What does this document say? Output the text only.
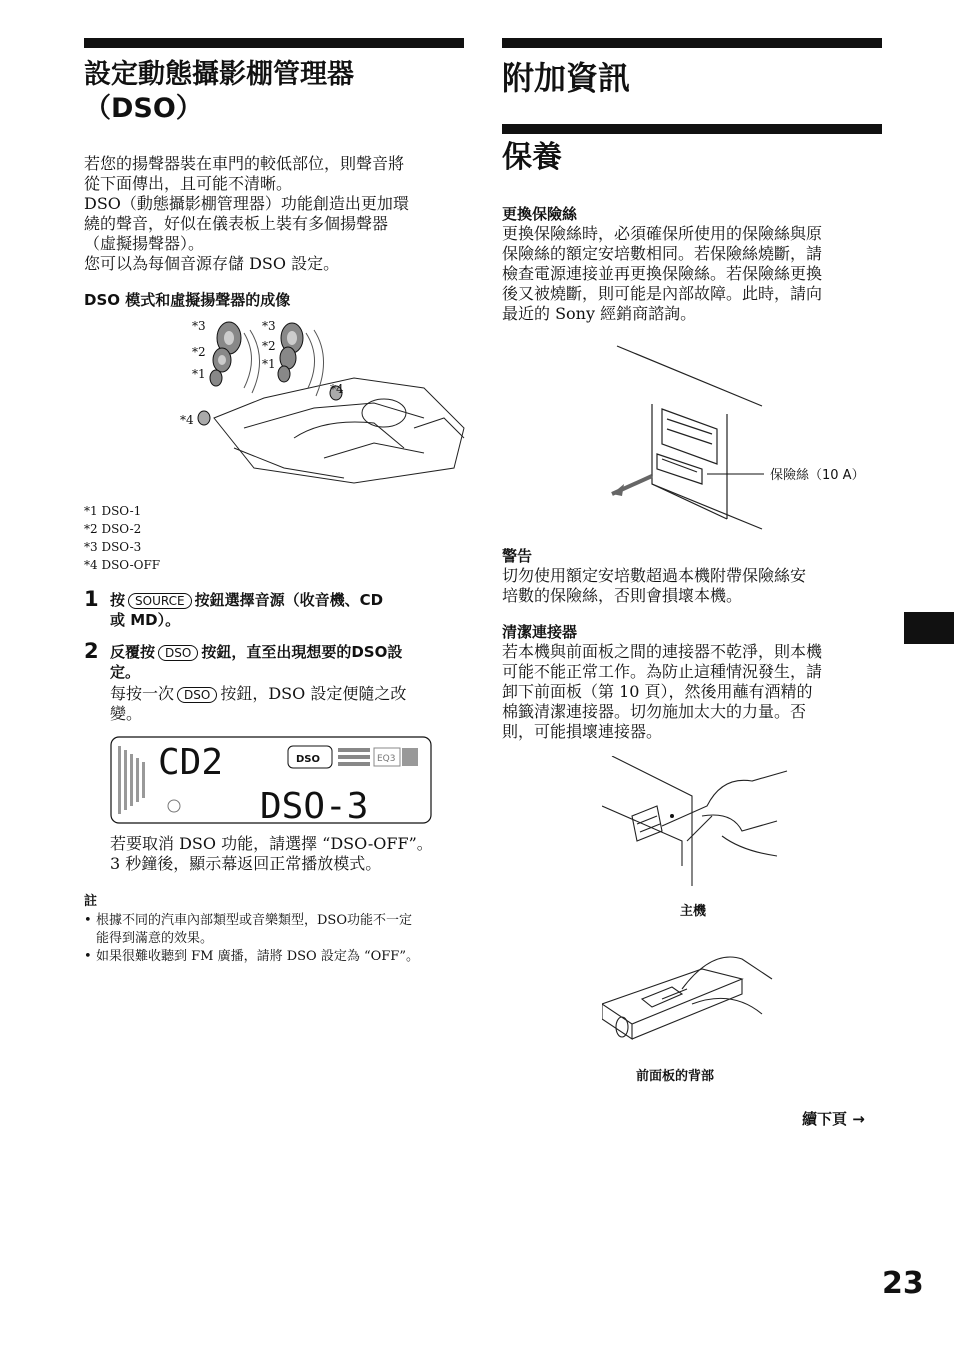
設定動態攝影棚管理器
（DSO）

若您的揚聲器裝在車門的較低部位，則聲音將

從下面傳出，且可能不清晰。

DSO（動態攝影棚管理器）功能創造出更加環

繞的聲音，好似在儀表板上裝有多個揚聲器

（虛擬揚聲器）。

您可以為每個音源存儲 DSO 設定。

DSO 模式和虛擬揚聲器的成像

*3	*3
*2	*2
*1
*1
*4
*4
*1 DSO-1
*2 DSO-2
*3 DSO-3
*4 DSO-OFF
1 按 SOURCE 按鈕選擇音源（收音機、CD
或 MD）。
2 反覆按 DSO 按鈕，直至出現想要的DSO設
定。
每按一次 DSO 按鈕，DSO 設定便隨之改
變。
CD2	DSO	EQ3
DSO-3
若要取消 DSO 功能，請選擇 “DSO-OFF”。
3 秒鐘後，顯示幕返回正常播放模式。
註
• 根據不同的汽車內部類型或音樂類型，DSO功能不一定
能得到滿意的效果。
• 如果很難收聽到 FM 廣播，請將 DSO 設定為 “OFF”。
附加資訊
保養

更換保險絲

更換保險絲時，必須確保所使用的保險絲與原

保險絲的額定安培數相同。若保險絲燒斷，請

檢查電源連接並再更換保險絲。若保險絲更換

後又被燒斷，則可能是內部故障。此時，請向

最近的 Sony 經銷商諮詢。

保險絲（10 A）

警告

切勿使用額定安培數超過本機附帶保險絲安

培數的保險絲，否則會損壞本機。

清潔連接器

若本機與前面板之間的連接器不乾淨，則本機

可能不能正常工作。為防止這種情況發生，請

卸下前面板（第 10 頁），然後用蘸有酒精的

棉籤清潔連接器。切勿施加太大的力量。否

則，可能損壞連接器。

主機
前面板的背部
續下頁 →
23
